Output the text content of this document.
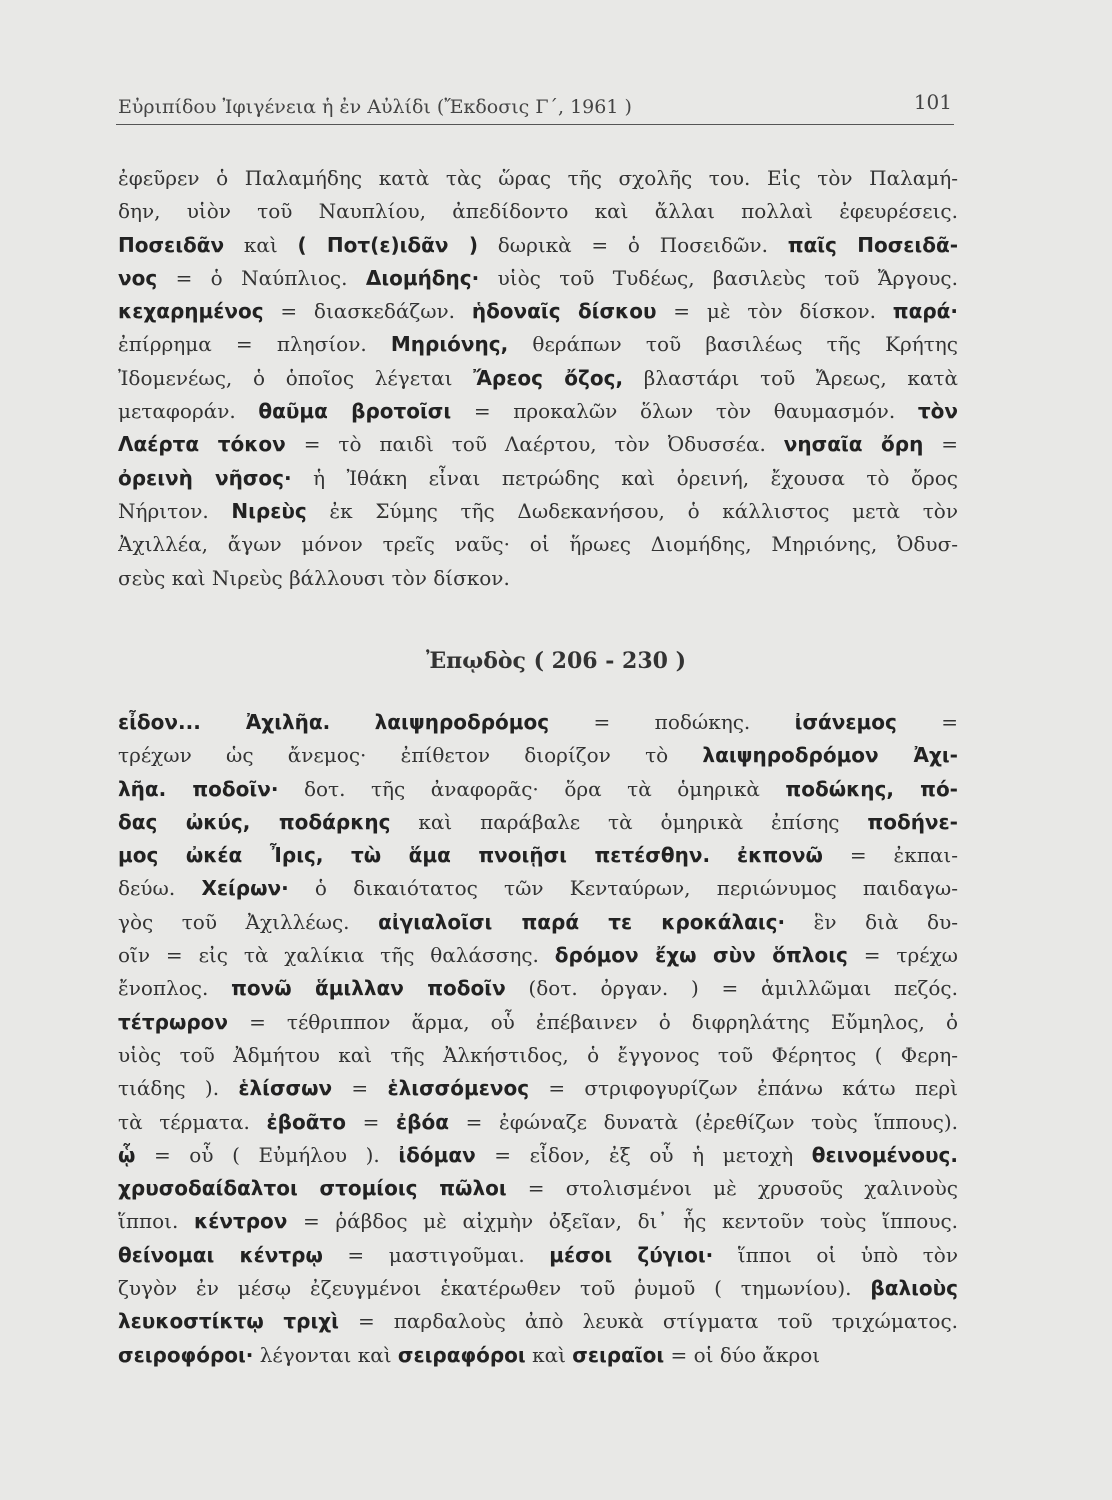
Εὐριπίδου Ἰφιγένεια ἡ ἐν Αὐλίδι (Ἔκδοσις Γ´, 1961 )	101
ἐφεῦρεν ὁ Παλαμήδης κατὰ τὰς ὥρας τῆς σχολῆς του. Εἰς τὸν Παλαμή-
δην, υἱὸν τοῦ Ναυπλίου, ἀπεδίδοντο καὶ ἄλλαι πολλαὶ ἐφευρέσεις.
Ποσειδᾶν καὶ ( Ποτ(ε)ιδᾶν ) δωρικὰ = ὁ Ποσειδῶν. παῖς Ποσειδᾶ-
νος = ὁ Ναύπλιος. Διομήδης· υἱὸς τοῦ Τυδέως, βασιλεὺς τοῦ Ἄργους.
κεχαρημένος = διασκεδάζων. ἡδοναῖς δίσκου = μὲ τὸν δίσκον. παρά·
ἐπίρρημα = πλησίον. Μηριόνης, θεράπων τοῦ βασιλέως τῆς Κρήτης
Ἰδομενέως, ὁ ὁποῖος λέγεται Ἄρεος ὄζος, βλαστάρι τοῦ Ἄρεως, κατὰ
μεταφοράν. θαῦμα βροτοῖσι = προκαλῶν ὅλων τὸν θαυμασμόν. τὸν
Λαέρτα τόκον = τὸ παιδὶ τοῦ Λαέρτου, τὸν Ὀδυσσέα. νησαῖα ὄρη =
ὀρεινὴ νῆσος· ἡ Ἰθάκη εἶναι πετρώδης καὶ ὀρεινή, ἔχουσα τὸ ὄρος
Νήριτον. Νιρεὺς ἐκ Σύμης τῆς Δωδεκανήσου, ὁ κάλλιστος μετὰ τὸν
Ἀχιλλέα, ἄγων μόνον τρεῖς ναῦς· οἱ ἥρωες Διομήδης, Μηριόνης, Ὀδυσ-
σεὺς καὶ Νιρεὺς βάλλουσι τὸν δίσκον.
Ἐπῳδὸς ( 206 - 230 )
εἶδον... Ἀχιλῆα. λαιψηροδρόμος = ποδώκης. ἰσάνεμος =
τρέχων ὡς ἄνεμος· ἐπίθετον διορίζον τὸ λαιψηροδρόμον Ἀχι-
λῆα. ποδοῖν· δοτ. τῆς ἀναφορᾶς· ὅρα τὰ ὁμηρικὰ ποδώκης, πό-
δας ὠκύς, ποδάρκης καὶ παράβαλε τὰ ὁμηρικὰ ἐπίσης ποδήνε-
μος ὠκέα Ἶρις, τὼ ἅμα πνοιῇσι πετέσθην. ἐκπονῶ = ἐκπαι-
δεύω. Χείρων· ὁ δικαιότατος τῶν Κενταύρων, περιώνυμος παιδαγω-
γὸς τοῦ Ἀχιλλέως. αἰγιαλοῖσι παρά τε κροκάλαις· ἓν διὰ δυ-
οῖν = εἰς τὰ χαλίκια τῆς θαλάσσης. δρόμον ἔχω σὺν ὅπλοις = τρέχω
ἔνοπλος. πονῶ ἅμιλλαν ποδοῖν (δοτ. ὀργαν. ) = ἁμιλλῶμαι πεζός.
τέτρωρον = τέθριππον ἅρμα, οὗ ἐπέβαινεν ὁ διφρηλάτης Εὔμηλος, ὁ
υἱὸς τοῦ Ἀδμήτου καὶ τῆς Ἀλκήστιδος, ὁ ἔγγονος τοῦ Φέρητος ( Φερη-
τιάδης ). ἑλίσσων = ἑλισσόμενος = στριφογυρίζων ἐπάνω κάτω περὶ
τὰ τέρματα. ἐβοᾶτο = ἐβόα = ἐφώναζε δυνατὰ (ἐρεθίζων τοὺς ἵππους).
ᾧ = οὗ ( Εὐμήλου ). ἰδόμαν = εἶδον, ἐξ οὗ ἡ μετοχὴ θεινομένους.
χρυσοδαίδαλτοι στομίοις πῶλοι = στολισμένοι μὲ χρυσοῦς χαλινοὺς
ἵπποι. κέντρον = ῥάβδος μὲ αἰχμὴν ὀξεῖαν, δι᾽ ἧς κεντοῦν τοὺς ἵππους.
θείνομαι κέντρῳ = μαστιγοῦμαι. μέσοι ζύγιοι· ἵπποι οἱ ὑπὸ τὸν
ζυγὸν ἐν μέσῳ ἐζευγμένοι ἑκατέρωθεν τοῦ ῥυμοῦ ( τημωνίου). βαλιοὺς
λευκοστίκτῳ τριχὶ = παρδαλοὺς ἀπὸ λευκὰ στίγματα τοῦ τριχώματος.
σειροφόροι· λέγονται καὶ σειραφόροι καὶ σειραῖοι = οἱ δύο ἄκροι
